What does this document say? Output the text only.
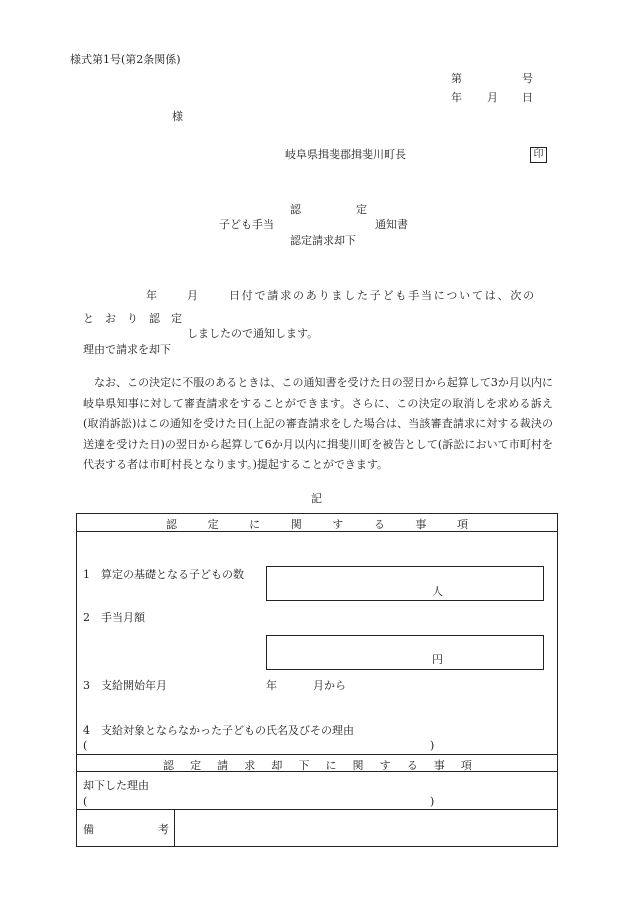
様式第1号(第2条関係)
第	号
年 月 日
様
岐阜県揖斐郡揖斐川町長	印
認　　　　　定
子ども手当	通知書
認定請求却下
年	月	日付で請求のありました子ども手当については、次の
と　お　り　認　定
しましたので通知します。
理由で請求を却下
なお、この決定に不服のあるときは、この通知書を受けた日の翌日から起算して3か月以内に岐阜県知事に対して審査請求をすることができます。さらに、この決定の取消しを求める訴え(取消訴訟)はこの通知を受けた日(上記の審査請求をした場合は、当該審査請求に対する裁決の送達を受けた日)の翌日から起算して6か月以内に揖斐川町を被告として(訴訟において市町村を代表する者は市町村長となります。)提起することができます。
記
認	定	に	関	す	る	事	項
1　算定の基礎となる子どもの数
人
2　手当月額
円
3　支給開始年月	年	月から
4　支給対象とならなかった子どもの氏名及びその理由
(	)
認 定 請 求 却 下 に 関 す る 事 項
却下した理由
(	)
備	考
